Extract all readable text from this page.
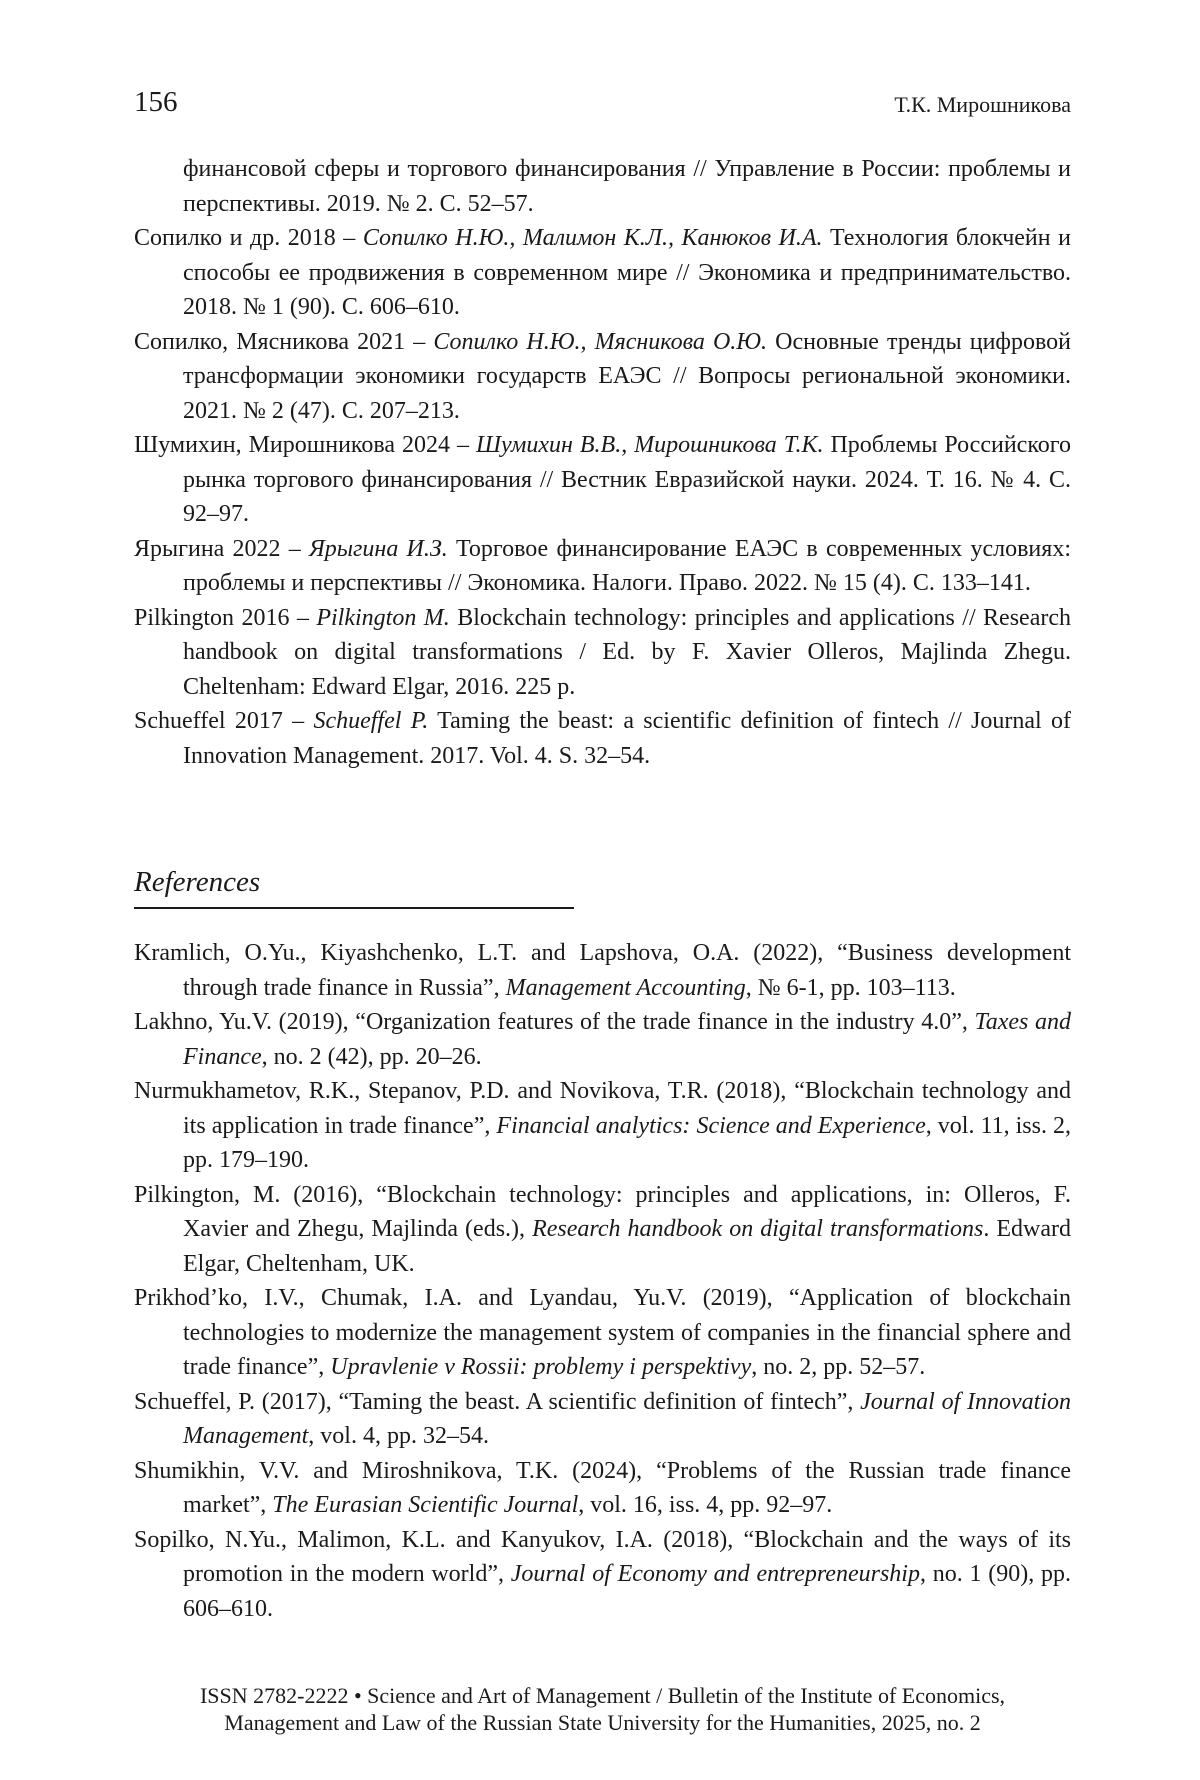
156	Т.К. Мирошникова
финансовой сферы и торгового финансирования // Управление в России: проблемы и перспективы. 2019. № 2. С. 52–57.
Сопилко и др. 2018 – Сопилко Н.Ю., Малимон К.Л., Канюков И.А. Технология блокчейн и способы ее продвижения в современном мире // Экономика и предпринимательство. 2018. № 1 (90). С. 606–610.
Сопилко, Мясникова 2021 – Сопилко Н.Ю., Мясникова О.Ю. Основные тренды цифровой трансформации экономики государств ЕАЭС // Вопросы региональной экономики. 2021. № 2 (47). С. 207–213.
Шумихин, Мирошникова 2024 – Шумихин В.В., Мирошникова Т.К. Проблемы Российского рынка торгового финансирования // Вестник Евразийской науки. 2024. Т. 16. № 4. С. 92–97.
Ярыгина 2022 – Ярыгина И.З. Торговое финансирование ЕАЭС в современных условиях: проблемы и перспективы // Экономика. Налоги. Право. 2022. № 15 (4). С. 133–141.
Pilkington 2016 – Pilkington M. Blockchain technology: principles and applications // Research handbook on digital transformations / Ed. by F. Xavier Olleros, Majlinda Zhegu. Cheltenham: Edward Elgar, 2016. 225 p.
Schueffel 2017 – Schueffel P. Taming the beast: a scientific definition of fintech // Journal of Innovation Management. 2017. Vol. 4. S. 32–54.
References
Kramlich, O.Yu., Kiyashchenko, L.T. and Lapshova, O.A. (2022), “Business development through trade finance in Russia”, Management Accounting, № 6-1, pp. 103–113.
Lakhno, Yu.V. (2019), “Organization features of the trade finance in the industry 4.0”, Taxes and Finance, no. 2 (42), pp. 20–26.
Nurmukhametov, R.K., Stepanov, P.D. and Novikova, T.R. (2018), “Blockchain technology and its application in trade finance”, Financial analytics: Science and Experience, vol. 11, iss. 2, pp. 179–190.
Pilkington, M. (2016), “Blockchain technology: principles and applications, in: Olleros, F. Xavier and Zhegu, Majlinda (eds.), Research handbook on digital transformations. Edward Elgar, Cheltenham, UK.
Prikhod’ko, I.V., Chumak, I.A. and Lyandau, Yu.V. (2019), “Application of blockchain technologies to modernize the management system of companies in the financial sphere and trade finance”, Upravlenie v Rossii: problemy i perspektivy, no. 2, pp. 52–57.
Schueffel, P. (2017), “Taming the beast. A scientific definition of fintech”, Journal of Innovation Management, vol. 4, pp. 32–54.
Shumikhin, V.V. and Miroshnikova, T.K. (2024), “Problems of the Russian trade finance market”, The Eurasian Scientific Journal, vol. 16, iss. 4, pp. 92–97.
Sopilko, N.Yu., Malimon, K.L. and Kanyukov, I.A. (2018), “Blockchain and the ways of its promotion in the modern world”, Journal of Economy and entrepreneurship, no. 1 (90), pp. 606–610.
ISSN 2782-2222 • Science and Art of Management / Bulletin of the Institute of Economics,
Management and Law of the Russian State University for the Humanities, 2025, no. 2
